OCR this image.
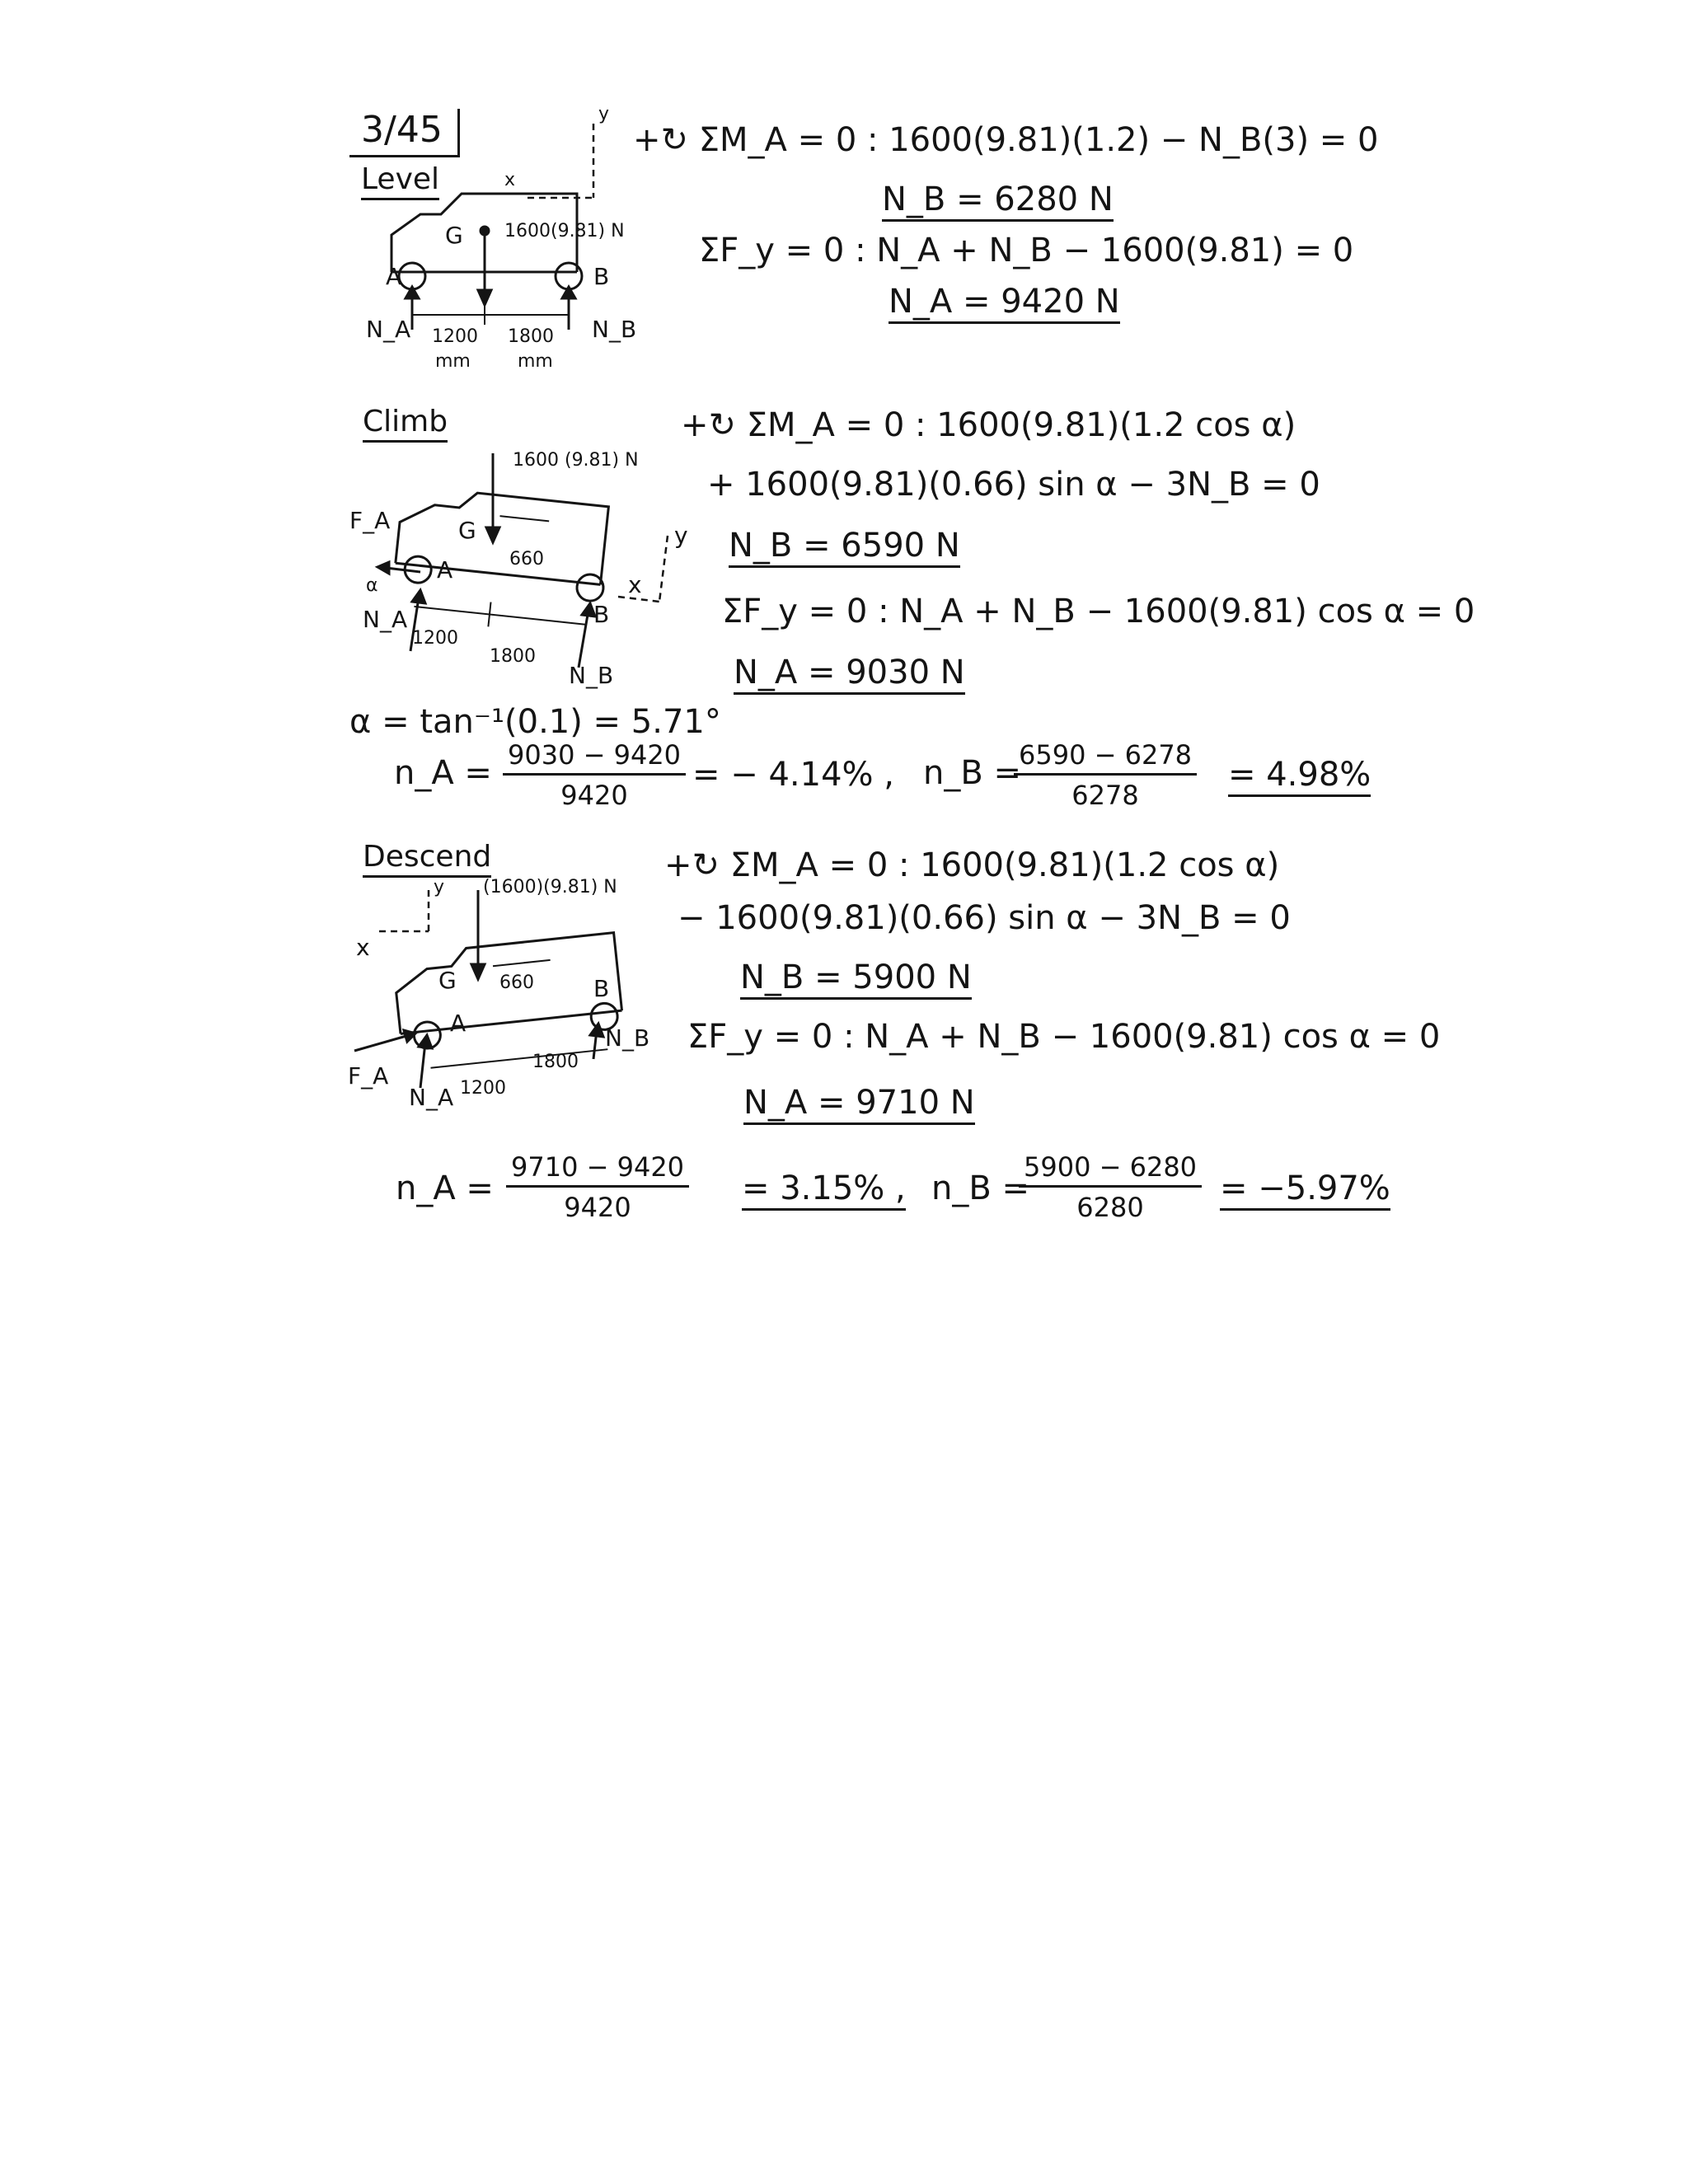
3/45
Level
+↻ ΣM_A = 0 : 1600(9.81)(1.2) − N_B(3) = 0
N_B = 6280 N
ΣF_y = 0 : N_A + N_B − 1600(9.81) = 0
N_A = 9420 N
y
x
G 1600(9.81) N
A	B
N_A	N_B
1200 1800
mm	mm
Climb	+↻ ΣM_A = 0 : 1600(9.81)(1.2 cos α)
+ 1600(9.81)(0.66) sin α − 3N_B = 0
N_B = 6590 N
ΣF_y = 0 : N_A + N_B − 1600(9.81) cos α = 0
N_A = 9030 N
1600 (9.81) N
F_A	G
660
α
A
B
N_A
1200
1800
N_B
y
x
α = tan⁻¹(0.1) = 5.71°
n_A = $\frac{9030 - 9420}{9420}$ = − 4.14% , n_B =
$\frac{6590 - 6278}{6278} = 4.98\%$
Descend	+↻ ΣM_A = 0 : 1600(9.81)(1.2 cos α)
− 1600(9.81)(0.66) sin α − 3N_B = 0
N_B = 5900 N
ΣF_y = 0 : N_A + N_B − 1600(9.81) cos α = 0
N_A = 9710 N
y (1600)(9.81) N
x
G 660	B
A
N_B
F_A
N_A 1200
1800
n_A = $\frac{9710 - 9420}{9420} = 3.15\%$ , n_B =
$\frac{5900 - 6280}{6280} = -5.97\%$
